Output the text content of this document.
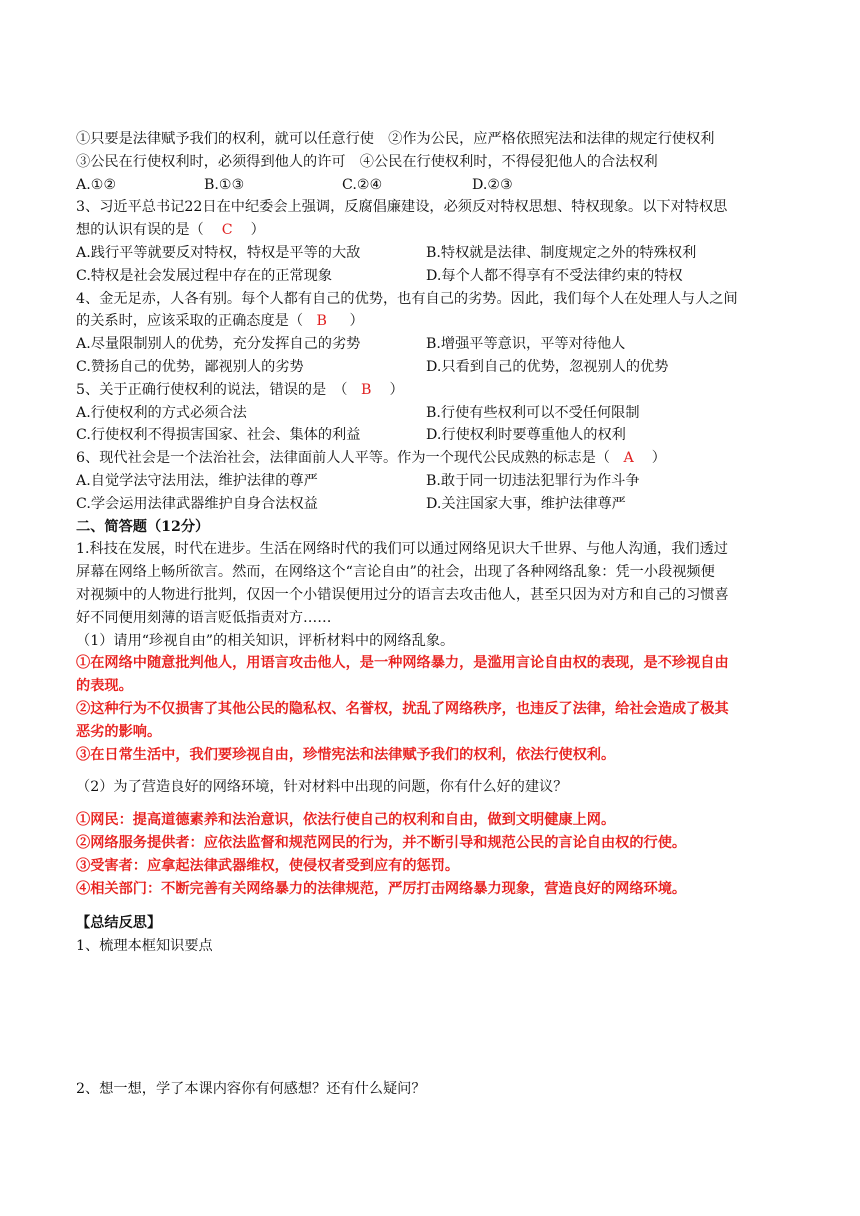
①只要是法律赋予我们的权利，就可以任意行使　②作为公民，应严格依照宪法和法律的规定行使权利
③公民在行使权利时，必须得到他人的许可　④公民在行使权利时，不得侵犯他人的合法权利
A.①②	B.①③	C.②④	D.②③
3、习近平总书记22日在中纪委会上强调，反腐倡廉建设，必须反对特权思想、特权现象。以下对特权思
想的认识有误的是（ C ）
A.践行平等就要反对特权，特权是平等的大敌	B.特权就是法律、制度规定之外的特殊权利
C.特权是社会发展过程中存在的正常现象	D.每个人都不得享有不受法律约束的特权
4、金无足赤，人各有别。每个人都有自己的优势，也有自己的劣势。因此，我们每个人在处理人与人之间
的关系时，应该采取的正确态度是（ B ）
A.尽量限制别人的优势，充分发挥自己的劣势	B.增强平等意识，平等对待他人
C.赞扬自己的优势，鄙视别人的劣势	D.只看到自己的优势，忽视别人的优势
5、关于正确行使权利的说法，错误的是　（ B ）
A.行使权利的方式必须合法	B.行使有些权利可以不受任何限制
C.行使权利不得损害国家、社会、集体的利益	D.行使权利时要尊重他人的权利
6、现代社会是一个法治社会，法律面前人人平等。作为一个现代公民成熟的标志是（ A ）
A.自觉学法守法用法，维护法律的尊严	B.敢于同一切违法犯罪行为作斗争
C.学会运用法律武器维护自身合法权益	D.关注国家大事，维护法律尊严
二、简答题（12分）
1.科技在发展，时代在进步。生活在网络时代的我们可以通过网络见识大千世界、与他人沟通，我们透过
屏幕在网络上畅所欲言。然而，在网络这个“言论自由”的社会，出现了各种网络乱象：凭一小段视频便
对视频中的人物进行批判，仅因一个小错误便用过分的语言去攻击他人，甚至只因为对方和自己的习惯喜
好不同便用刻薄的语言贬低指责对方……
（1）请用“珍视自由”的相关知识，评析材料中的网络乱象。
①在网络中随意批判他人，用语言攻击他人，是一种网络暴力，是滥用言论自由权的表现，是不珍视自由
的表现。
②这种行为不仅损害了其他公民的隐私权、名誉权，扰乱了网络秩序，也违反了法律，给社会造成了极其
恶劣的影响。
③在日常生活中，我们要珍视自由，珍惜宪法和法律赋予我们的权利，依法行使权利。
（2）为了营造良好的网络环境，针对材料中出现的问题，你有什么好的建议？
①网民：提高道德素养和法治意识，依法行使自己的权利和自由，做到文明健康上网。
②网络服务提供者：应依法监督和规范网民的行为，并不断引导和规范公民的言论自由权的行使。
③受害者：应拿起法律武器维权，使侵权者受到应有的惩罚。
④相关部门：不断完善有关网络暴力的法律规范，严厉打击网络暴力现象，营造良好的网络环境。
【总结反思】
1、梳理本框知识要点
2、想一想，学了本课内容你有何感想？还有什么疑问？
